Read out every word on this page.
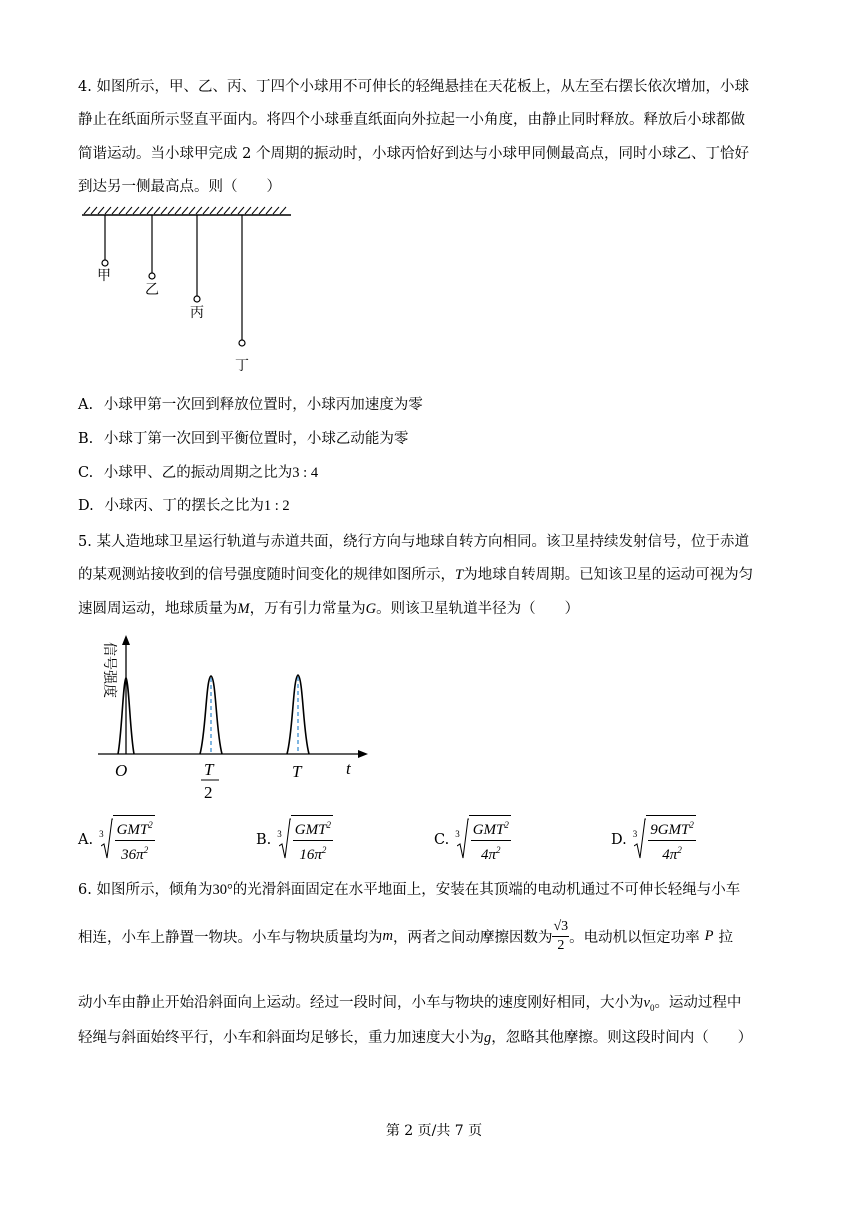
4. 如图所示，甲、乙、丙、丁四个小球用不可伸长的轻绳悬挂在天花板上，从左至右摆长依次增加，小球
静止在纸面所示竖直平面内。将四个小球垂直纸面向外拉起一小角度，由静止同时释放。释放后小球都做
简谐运动。当小球甲完成 2 个周期的振动时，小球丙恰好到达与小球甲同侧最高点，同时小球乙、丁恰好
到达另一侧最高点。则（　　）
甲
乙
丙
丁
A. 小球甲第一次回到释放位置时，小球丙加速度为零
B. 小球丁第一次回到平衡位置时，小球乙动能为零
C. 小球甲、乙的振动周期之比为3 : 4
D. 小球丙、丁的摆长之比为1 : 2
5. 某人造地球卫星运行轨道与赤道共面，绕行方向与地球自转方向相同。该卫星持续发射信号，位于赤道
的某观测站接收到的信号强度随时间变化的规律如图所示，T为地球自转周期。已知该卫星的运动可视为匀
速圆周运动，地球质量为M，万有引力常量为G。则该卫星轨道半径为（　　）
信号强度
O	T
2
T	t
A. 3 GMT$^2$
$36\pi^2$
B. 3 GMT$^2$
$16\pi^2$
C. 3 GMT$^2$
$4\pi^2$
D. 3 9GMT$^2$
$4\pi^2$
6. 如图所示，倾角为30°的光滑斜面固定在水平地面上，安装在其顶端的电动机通过不可伸长轻绳与小车
相连，小车上静置一物块。小车与物块质量均为 m ，两者之间动摩擦因数为 $\frac{√3}{2}$ 。电动机以恒定功率 P 拉
动小车由静止开始沿斜面向上运动。经过一段时间，小车与物块的速度刚好相同，大小为$v_0$。运动过程中
轻绳与斜面始终平行，小车和斜面均足够长，重力加速度大小为g，忽略其他摩擦。则这段时间内（　　）
第 2 页/共 7 页
